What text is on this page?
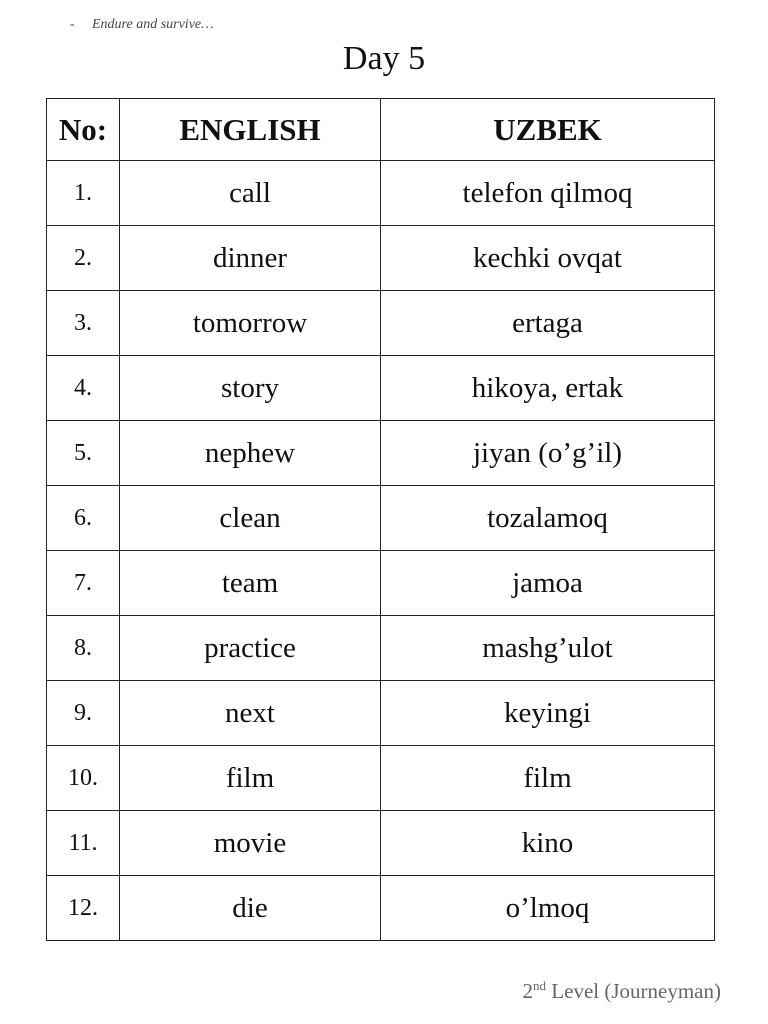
- Endure and survive…
Day 5
No:	ENGLISH	UZBEK
1.	call	telefon qilmoq
2.	dinner	kechki ovqat
3.	tomorrow	ertaga
4.	story	hikoya, ertak
5.	nephew	jiyan (o’g’il)
6.	clean	tozalamoq
7.	team	jamoa
8.	practice	mashg’ulot
9.	next	keyingi
10.	film	film
11.	movie	kino
12.	die	o’lmoq
2nd Level (Journeyman)
